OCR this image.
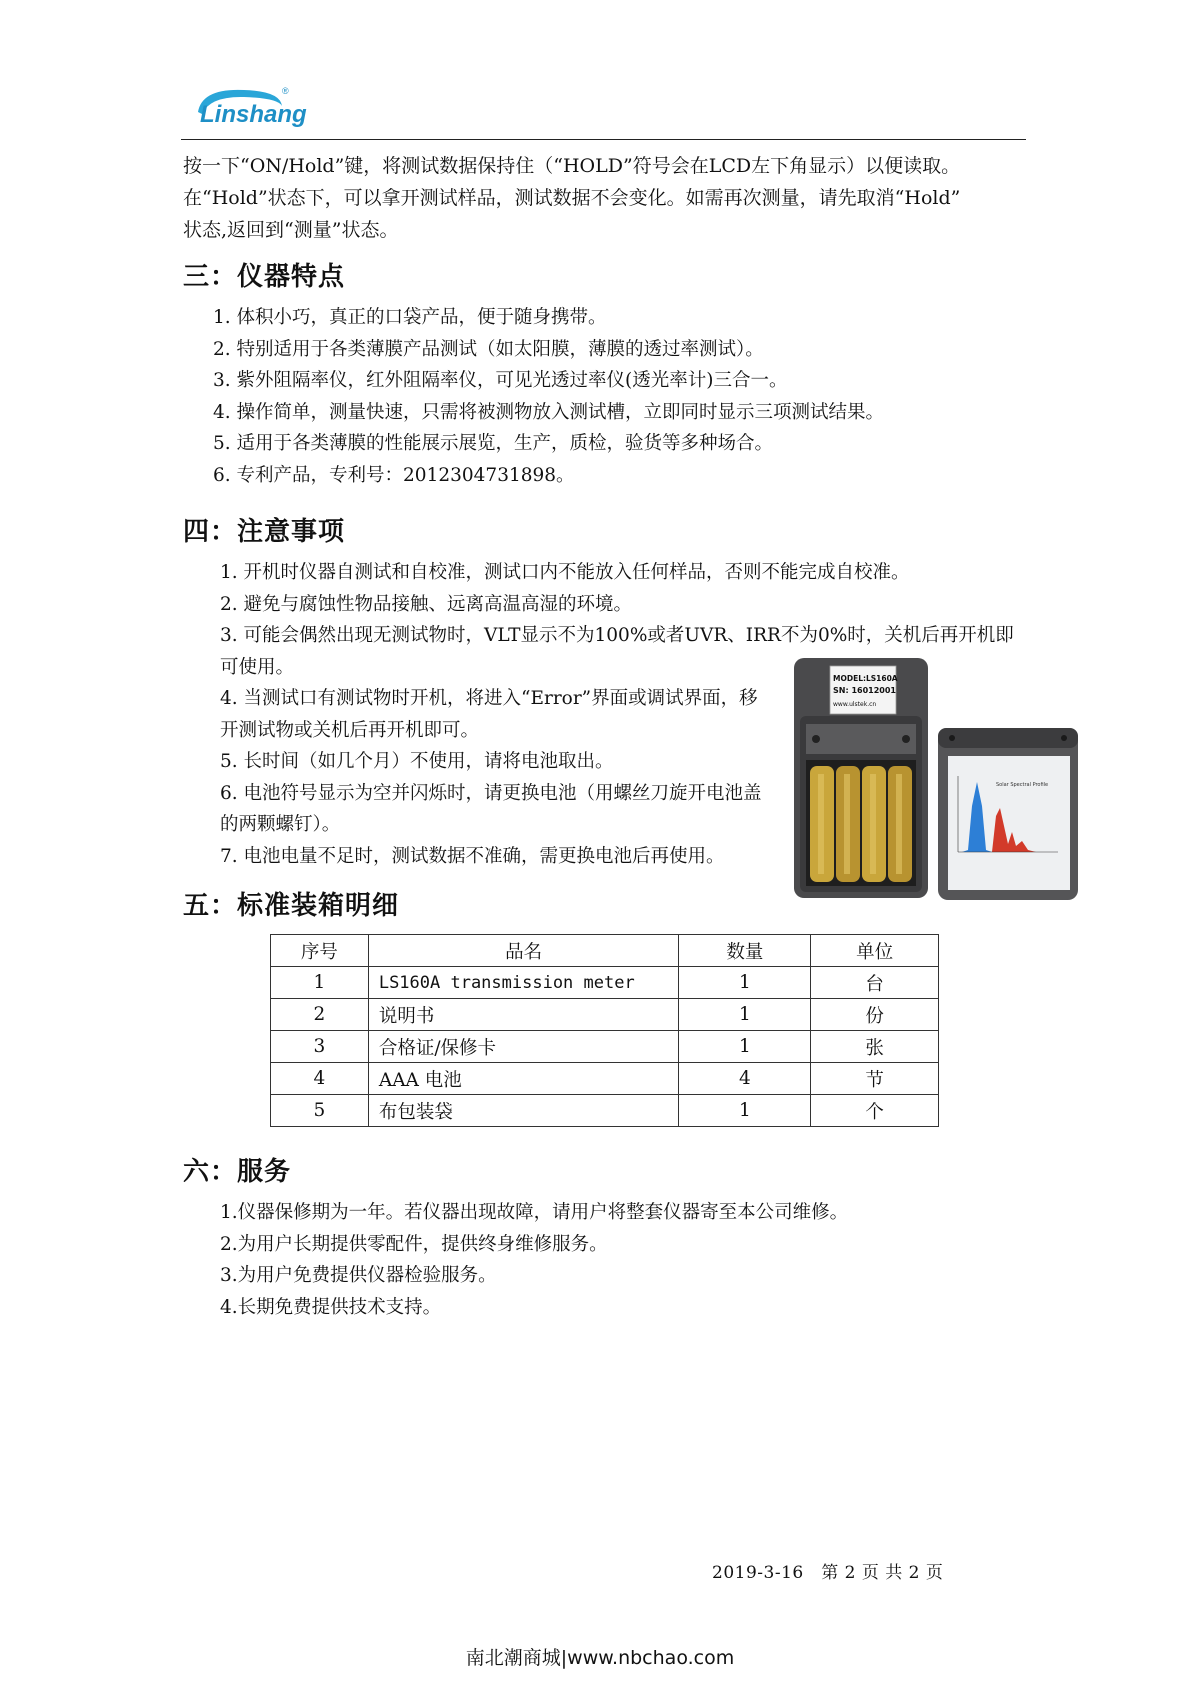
Linshang
®

按一下“ON/Hold”键，将测试数据保持住（“HOLD”符号会在LCD左下角显示）以便读取。

在“Hold”状态下，可以拿开测试样品，测试数据不会变化。如需再次测量，请先取消“Hold”

状态,返回到“测量”状态。

三：仪器特点

1. 体积小巧，真正的口袋产品，便于随身携带。

2. 特别适用于各类薄膜产品测试（如太阳膜，薄膜的透过率测试）。

3. 紫外阻隔率仪，红外阻隔率仪，可见光透过率仪(透光率计)三合一。

4. 操作简单，测量快速，只需将被测物放入测试槽，立即同时显示三项测试结果。

5. 适用于各类薄膜的性能展示展览，生产，质检，验货等多种场合。

6. 专利产品，专利号：2012304731898。

四：注意事项

1. 开机时仪器自测试和自校准，测试口内不能放入任何样品，否则不能完成自校准。

2. 避免与腐蚀性物品接触、远离高温高湿的环境。

3. 可能会偶然出现无测试物时，VLT显示不为100%或者UVR、IRR不为0%时，关机后再开机即可使用。

4. 当测试口有测试物时开机，将进入“Error”界面或调试界面，移开测试物或关机后再开机即可。

5. 长时间（如几个月）不使用，请将电池取出。

6. 电池符号显示为空并闪烁时，请更换电池（用螺丝刀旋开电池盖的两颗螺钉）。

7. 电池电量不足时，测试数据不准确，需更换电池后再使用。

MODEL:LS160A
SN: 16012001
www.ulstek.cn
Solar Spectral Profile
五：标准装箱明细
序号	品名	数量	单位
1	LS160A transmission meter	1	台
2	说明书	1	份
3	合格证/保修卡	1	张
4	AAA 电池	4	节
5	布包装袋	1	个
六：服务

1.仪器保修期为一年。若仪器出现故障，请用户将整套仪器寄至本公司维修。

2.为用户长期提供零配件，提供终身维修服务。

3.为用户免费提供仪器检验服务。

4.长期免费提供技术支持。

2019-3-16　第 2 页 共 2 页
南北潮商城|www.nbchao.com
